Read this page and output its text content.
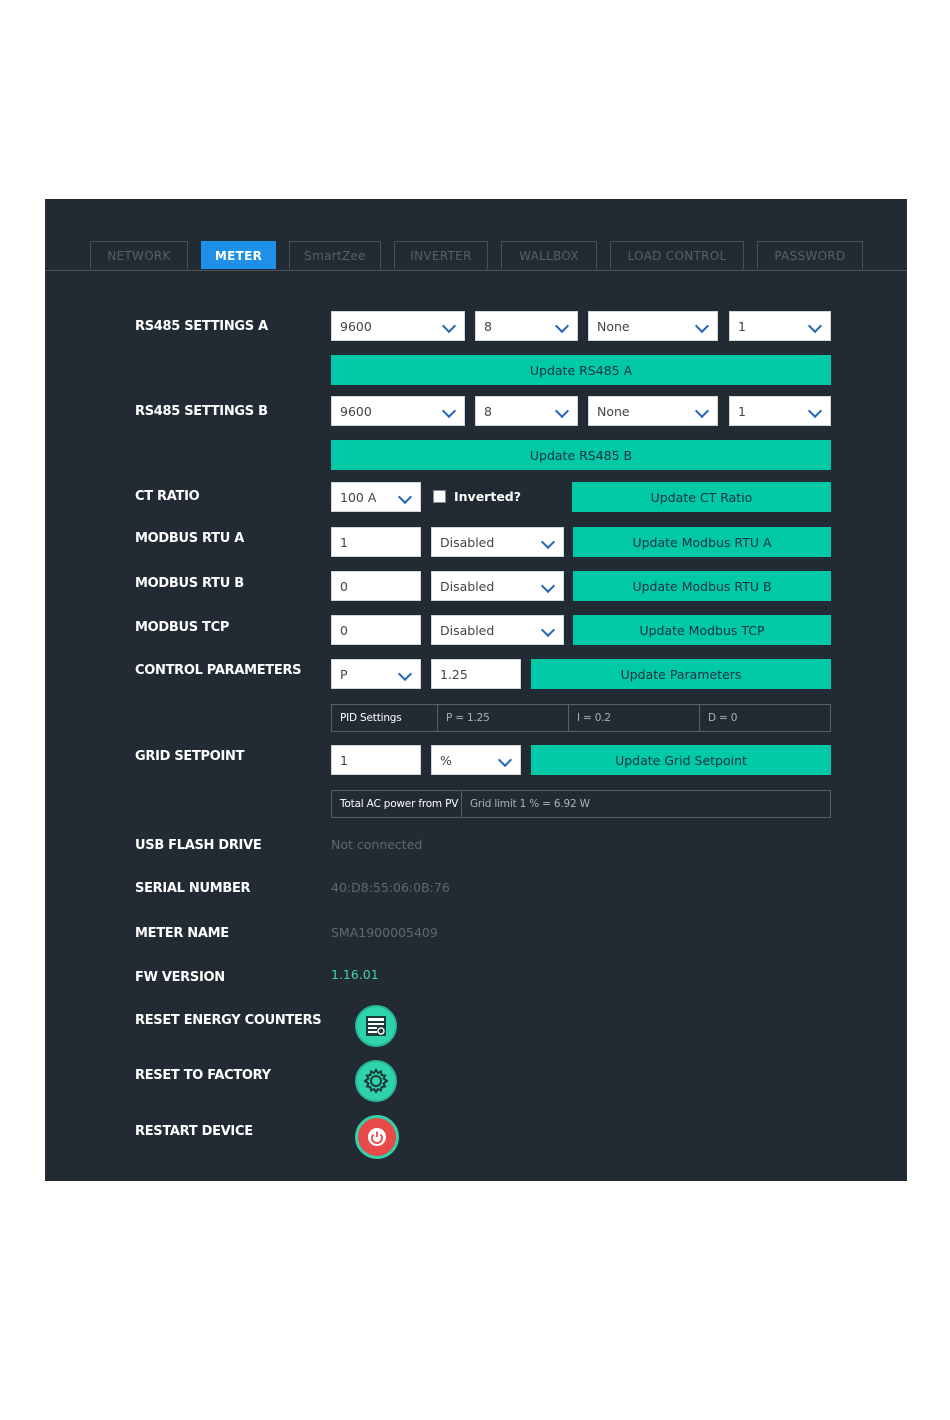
NETWORK	METER	SmartZee	INVERTER	WALLBOX	LOAD CONTROL	PASSWORD
RS485 SETTINGS A	9600	8	None	1
Update RS485 A
RS485 SETTINGS B	9600	8	None	1
Update RS485 B
CT RATIO	100 A	Inverted?	Update CT Ratio
MODBUS RTU A	1	Disabled	Update Modbus RTU A
MODBUS RTU B	0	Disabled	Update Modbus RTU B
MODBUS TCP	0	Disabled	Update Modbus TCP
CONTROL PARAMETERS	P	1.25	Update Parameters
PID Settings	P = 1.25	I = 0.2	D = 0
GRID SETPOINT	1	%	Update Grid Setpoint
Total AC power from PV	Grid limit 1 % = 6.92 W
USB FLASH DRIVE	Not connected
SERIAL NUMBER	40:D8:55:06:0B:76
METER NAME	SMA1900005409
FW VERSION	1.16.01
RESET ENERGY COUNTERS
RESET TO FACTORY
RESTART DEVICE
